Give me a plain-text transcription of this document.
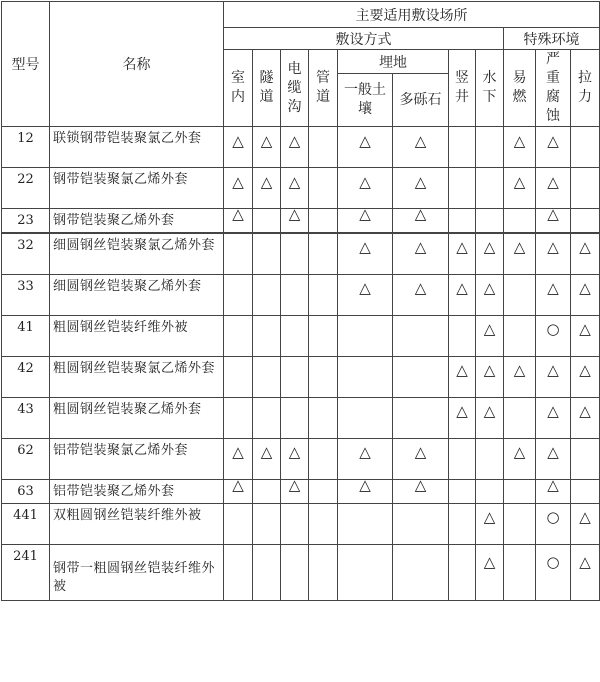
型号	名称	主要适用敷设场所										
		敷设方式								特殊环境		
		室内	隧道	电缆沟	管道	埋地		竖井	水下	易燃	严重腐蚀	拉力
						一般土壤	多砾石					
12	联锁钢带铠装聚氯乙外套	△	△	△		△	△			△	△	
22	钢带铠装聚氯乙烯外套	△	△	△		△	△			△	△	
23	钢带铠装聚乙烯外套	△		△		△	△				△	
32	细圆钢丝铠装聚氯乙烯外套					△	△	△	△	△	△	△
33	细圆钢丝铠装聚乙烯外套					△	△	△	△		△	△
41	粗圆钢丝铠装纤维外被								△		○	△
42	粗圆钢丝铠装聚氯乙烯外套							△	△	△	△	△
43	粗圆钢丝铠装聚乙烯外套							△	△		△	△
62	铝带铠装聚氯乙烯外套	△	△	△		△	△			△	△	
63	铝带铠装聚乙烯外套	△		△		△	△				△	
441	双粗圆钢丝铠装纤维外被								△		○	△
241	钢带一粗圆钢丝铠装纤维外被								△		○	△
